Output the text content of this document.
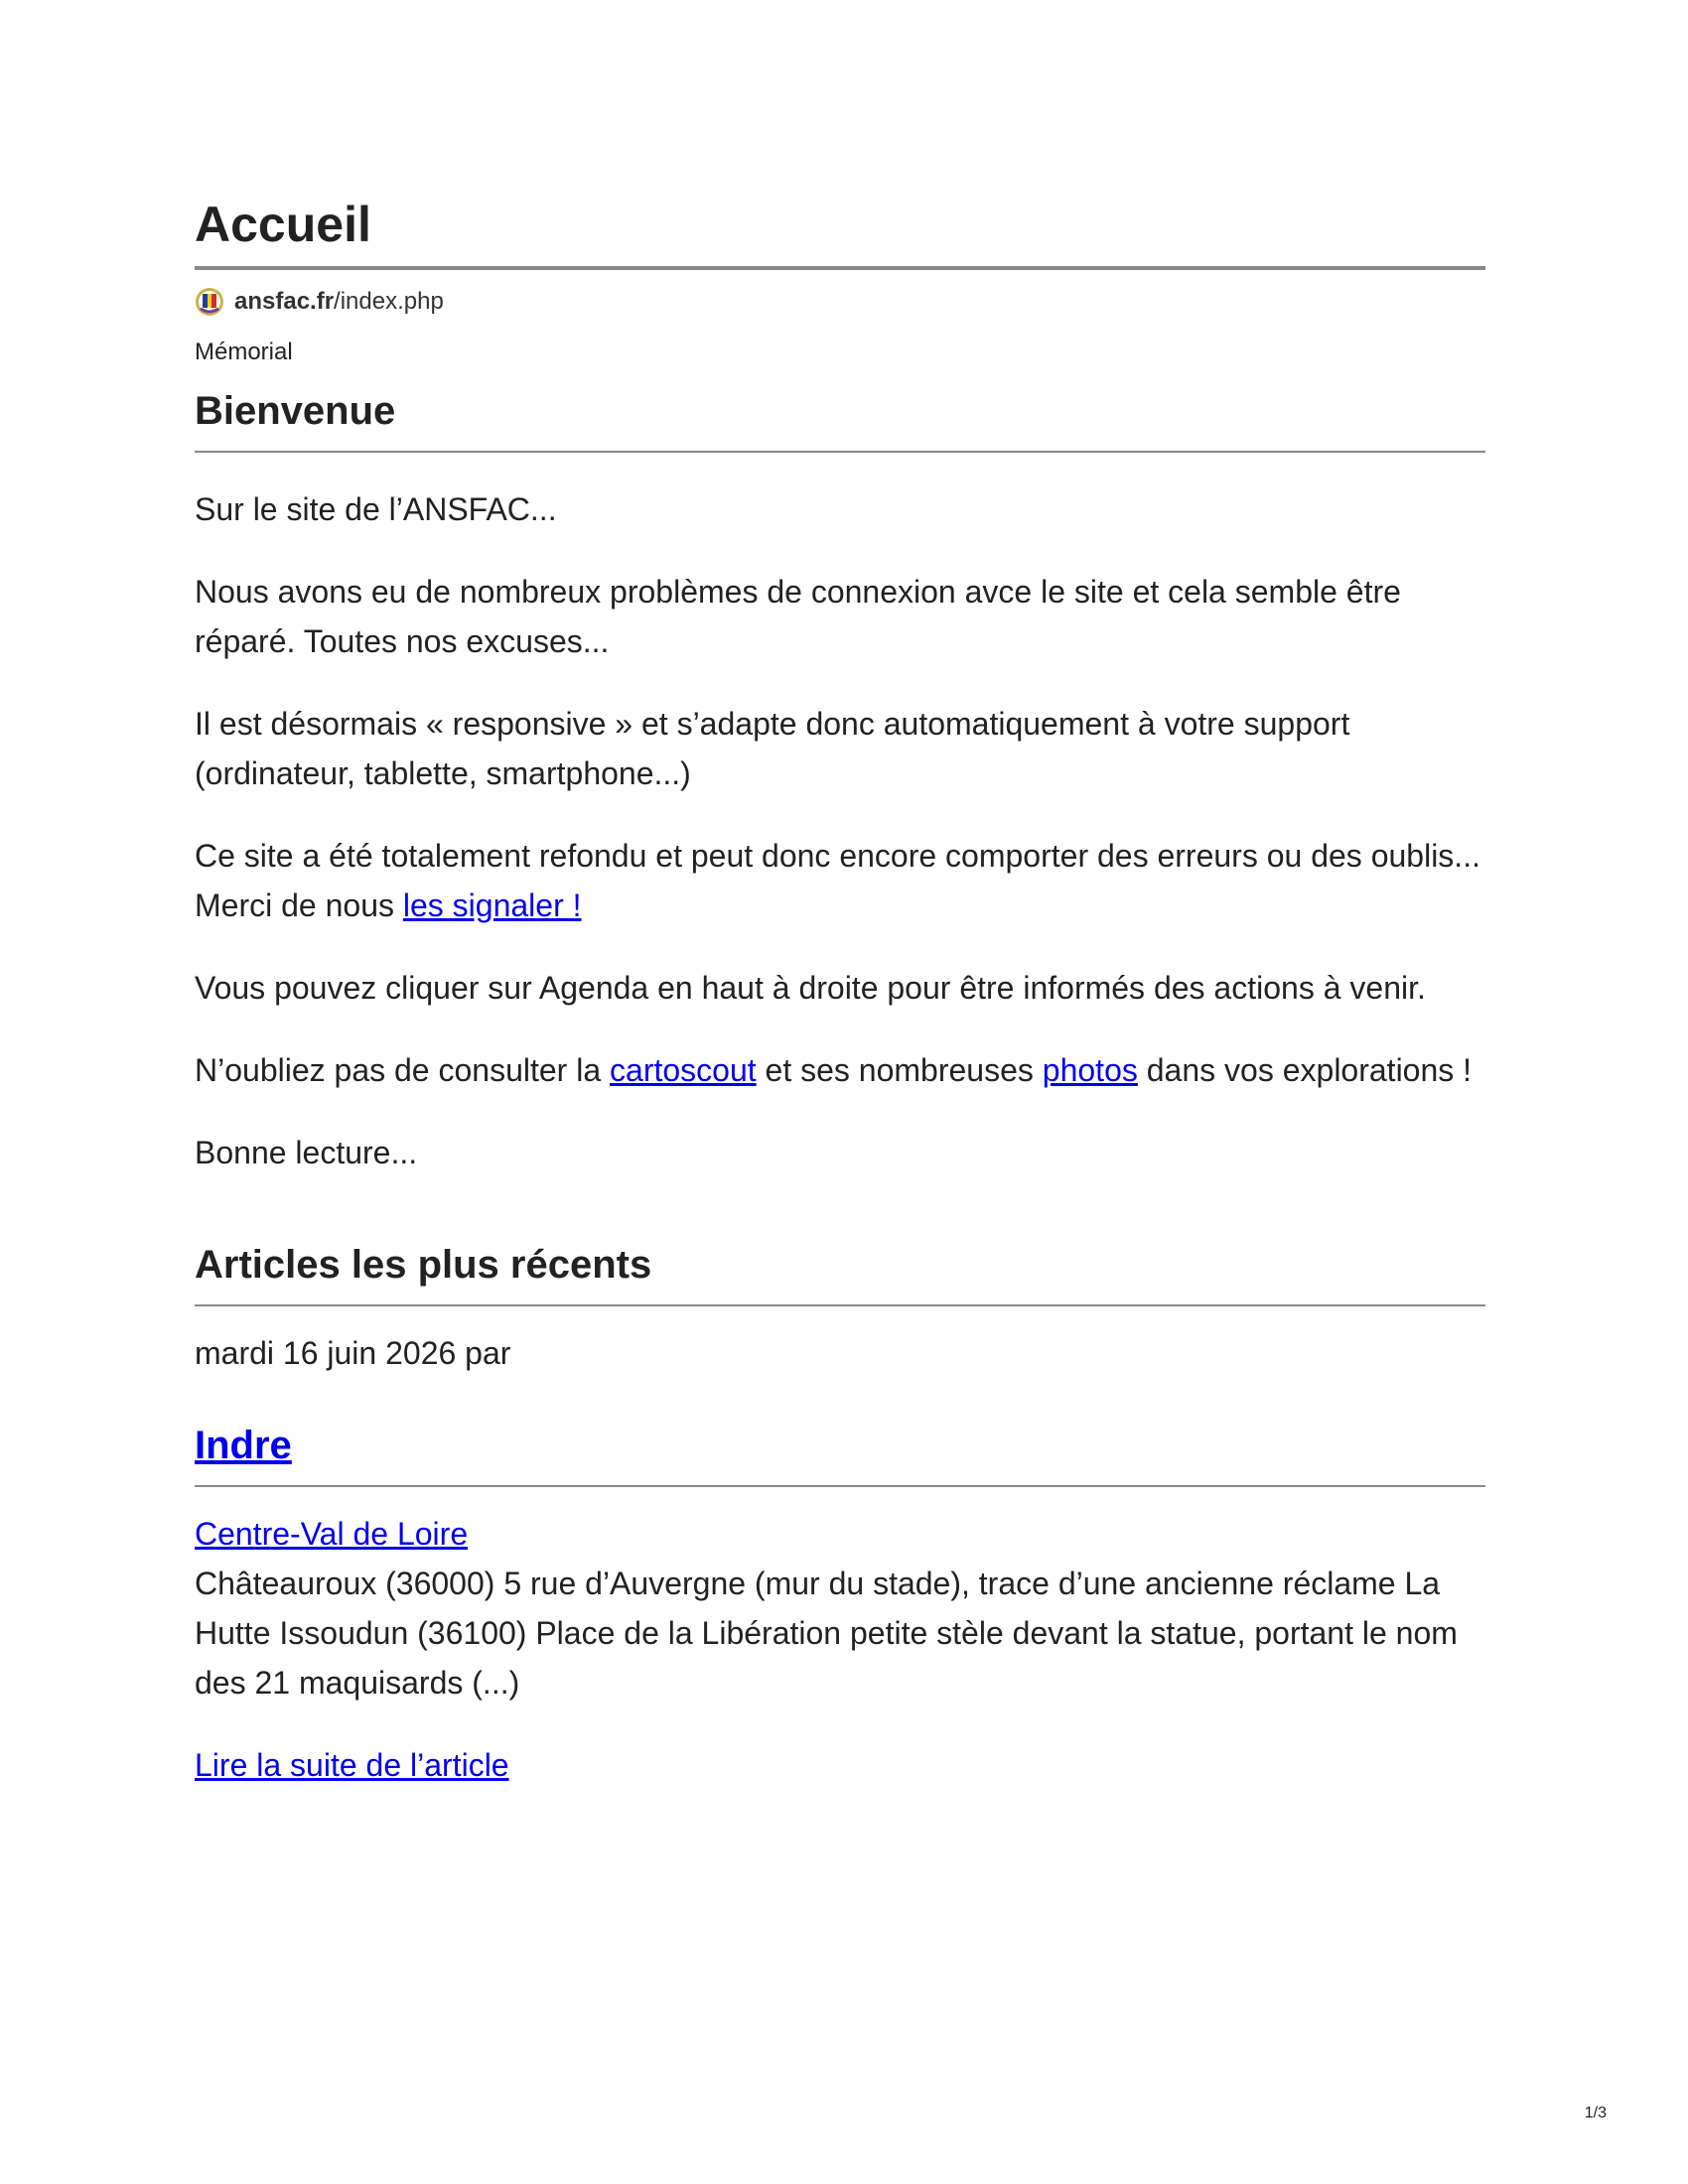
Accueil
ansfac.fr /index.php
Mémorial
Bienvenue

Sur le site de l’ANSFAC...

Nous avons eu de nombreux problèmes de connexion avce le site et cela semble être réparé. Toutes nos excuses...

Il est désormais « responsive » et s’adapte donc automatiquement à votre support (ordinateur, tablette, smartphone...)

Ce site a été totalement refondu et peut donc encore comporter des erreurs ou des oublis... Merci de nous les signaler !

Vous pouvez cliquer sur Agenda en haut à droite pour être informés des actions à venir.

N’oubliez pas de consulter la cartoscout et ses nombreuses photos dans vos explorations !

Bonne lecture...

Articles les plus récents

mardi 16 juin 2026 par

Indre

Centre-Val de Loire

Châteauroux (36000) 5 rue d’Auvergne (mur du stade), trace d’une ancienne réclame La Hutte Issoudun (36100) Place de la Libération petite stèle devant la statue, portant le nom des 21 maquisards (...)

Lire la suite de l’article

1/3
